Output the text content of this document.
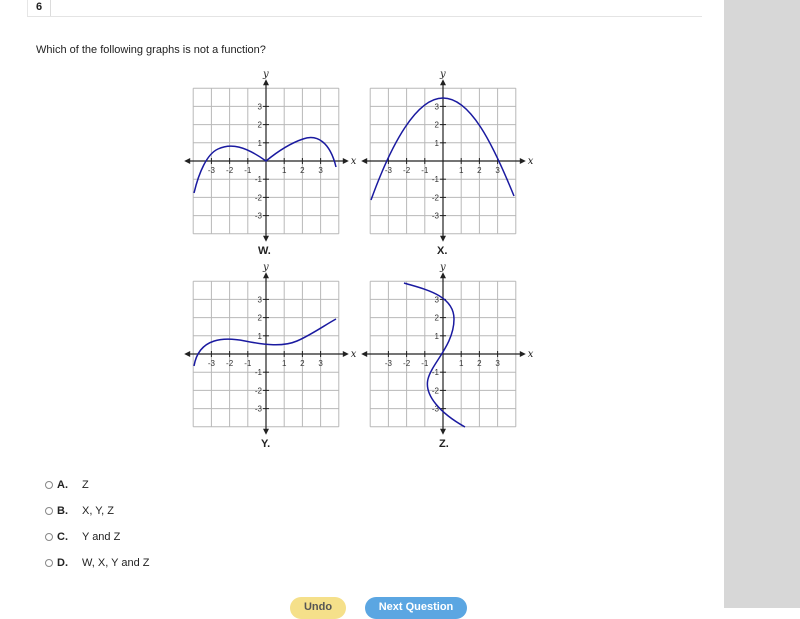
6
Which of the following graphs is not a function?
x
y
-3 -2 -1	1 2 3
3
2
1
-1
-2
-3
W.
x
y
-3 -2 -1	1 2 3
3
2
1
-1
-2
-3
X.
x
y
-3 -2 -1	1 2 3
3
2
1
-1
-2
-3
Y.
x
y
-3 -2 -1	1 2 3
3
2
1
-1
-2
-3
Z.
A.	Z
B.	X, Y, Z
C.	Y and Z
D.	W, X, Y and Z
Undo	Next Question
